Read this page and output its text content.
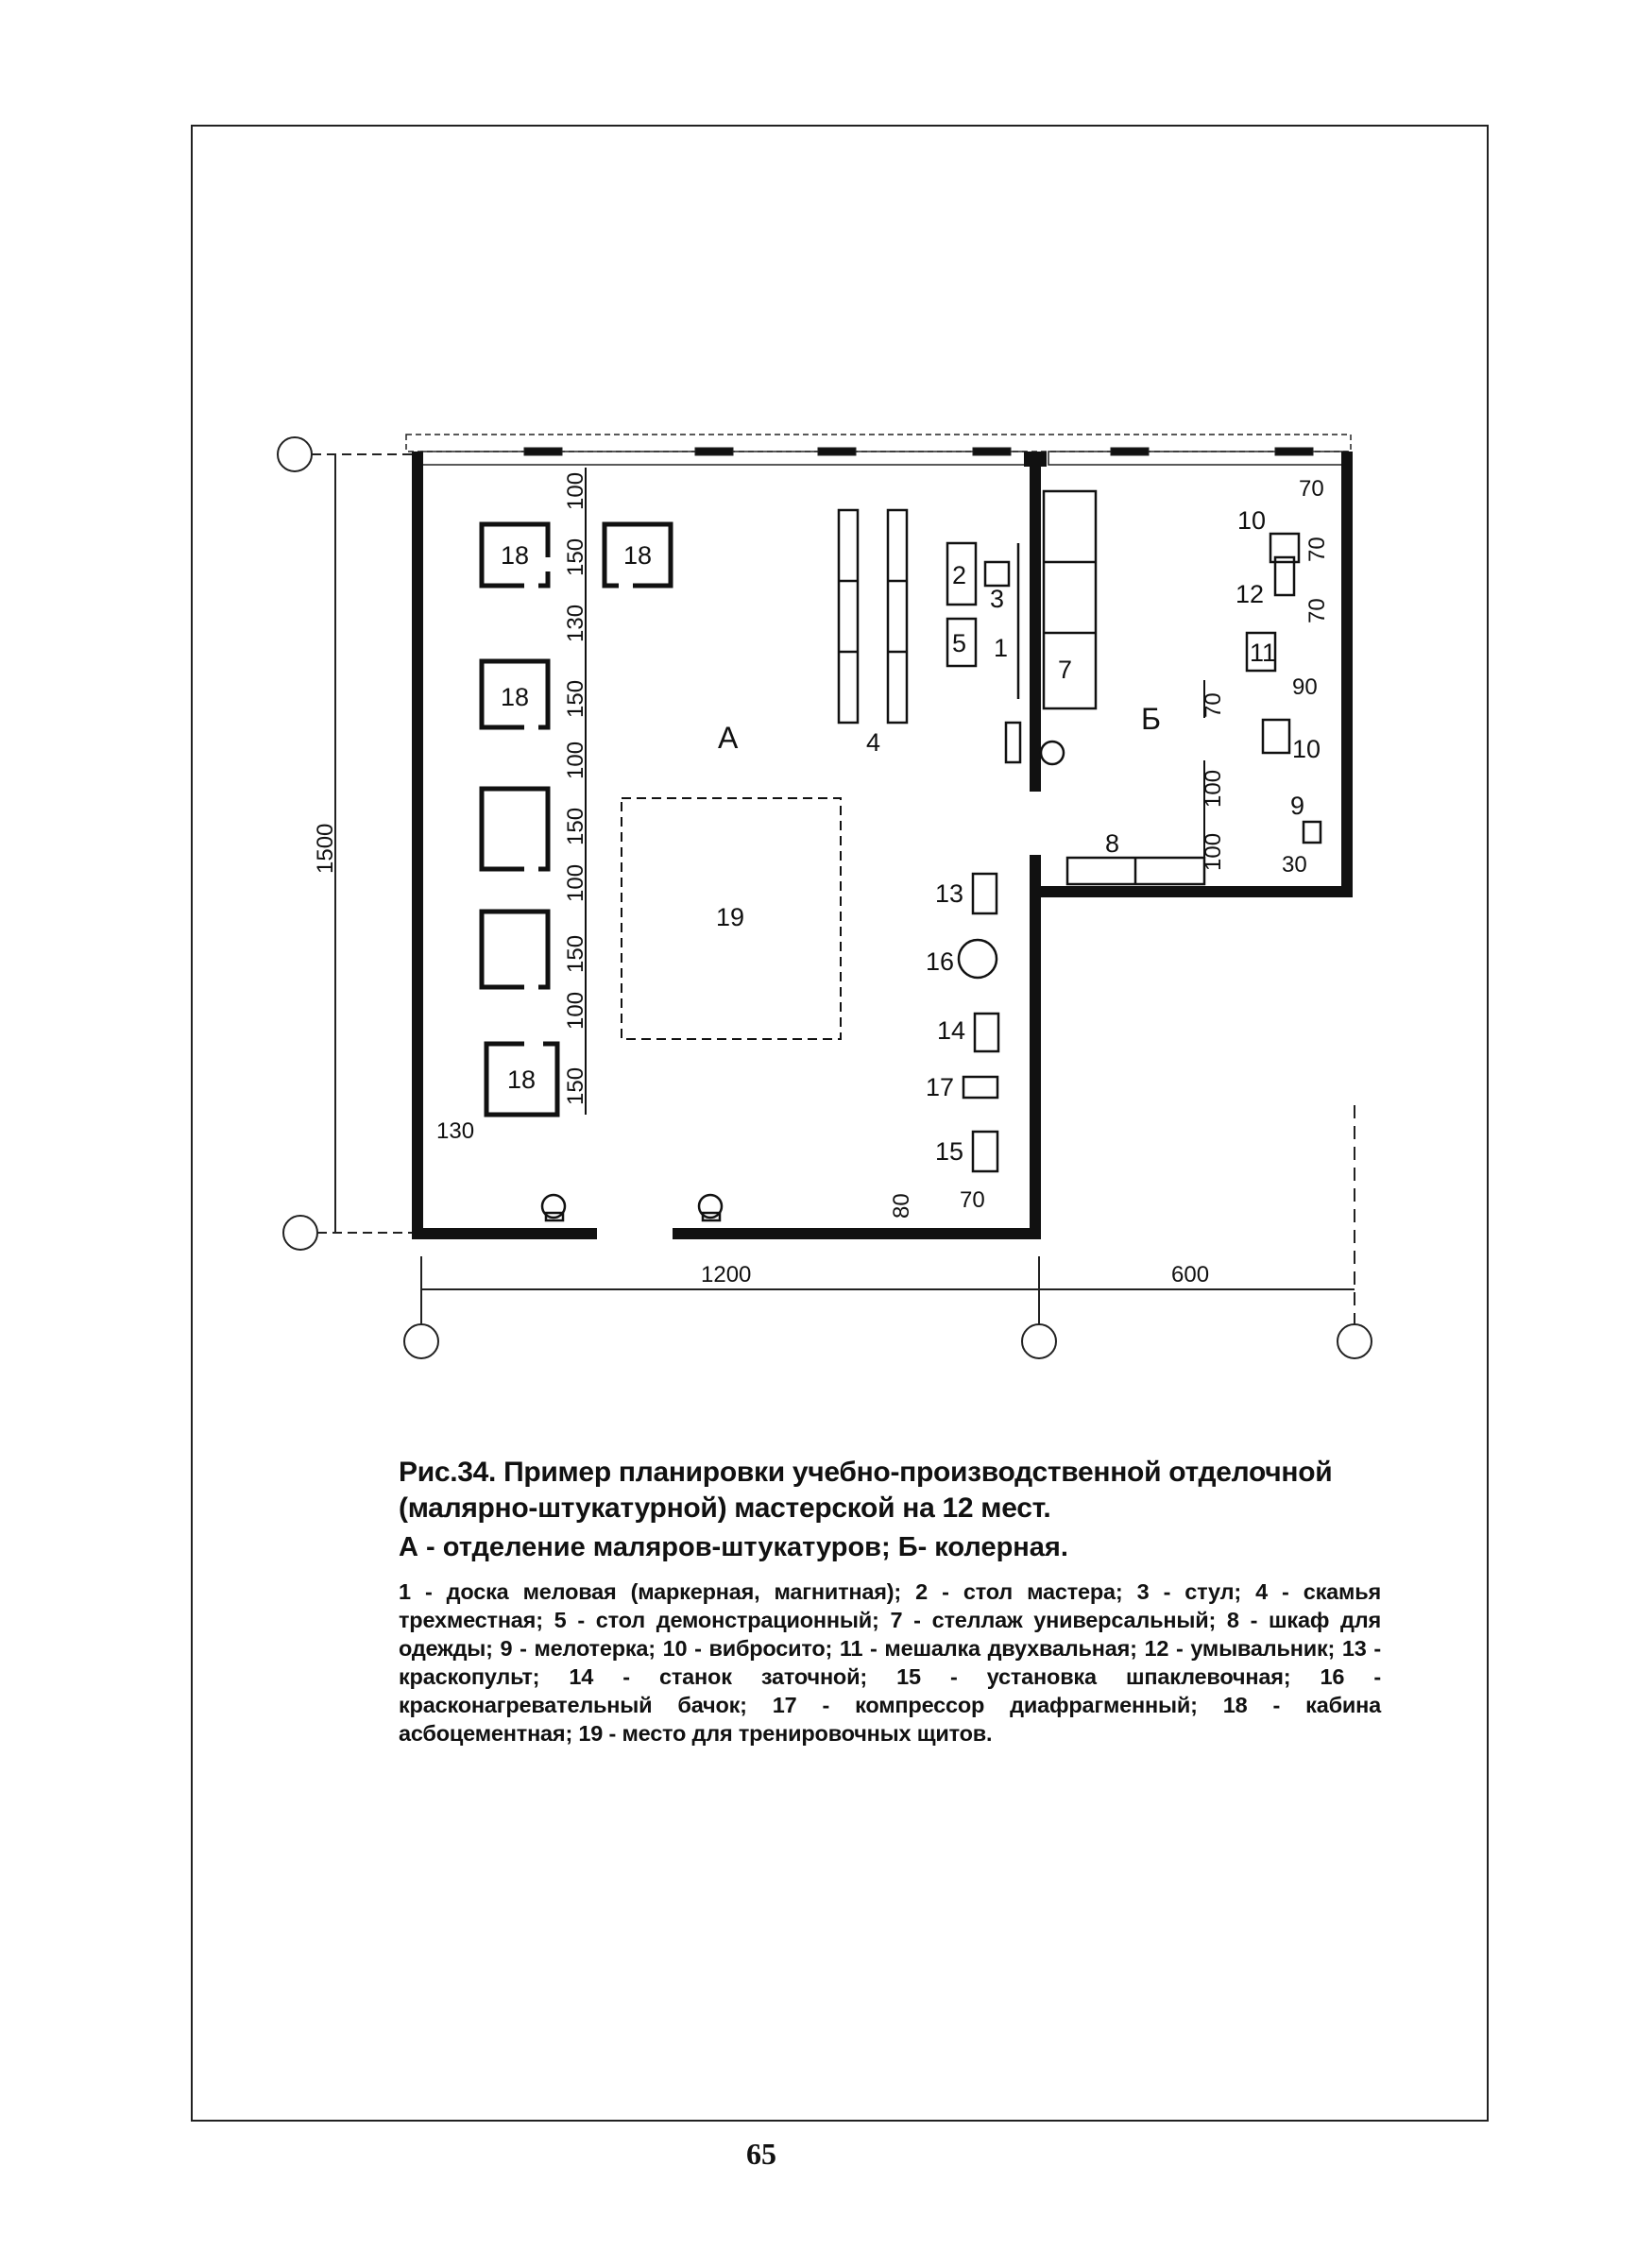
А
Б
1
2
3
4
5
7
8
9
10
10
11
12
13
14
15
16
17
18	18
18
18
19
1500
1200	600
100
150
130
150
100
150
100
150
100
150
70
70
70
90
70
100
100 30
130
80 70

Рис.34. Пример планировки учебно-производственной отделочной (малярно-штукатурной) мастерской на 12 мест.

А - отделение маляров-штукатуров; Б- колерная.

1 - доска меловая (маркерная, магнитная); 2 - стол мастера; 3 - стул; 4 - скамья трехместная; 5 - стол демонстрационный; 7 - стеллаж универсальный; 8 - шкаф для одежды; 9 - мелотерка; 10 - вибросито; 11 - мешалка двухвальная; 12 - умывальник; 13 - краскопульт; 14 - станок заточной; 15 - установка шпаклевочная; 16 - красконагревательный бачок; 17 - компрессор диафрагменный; 18 - кабина асбоцементная; 19 - место для тренировочных щитов.

65
